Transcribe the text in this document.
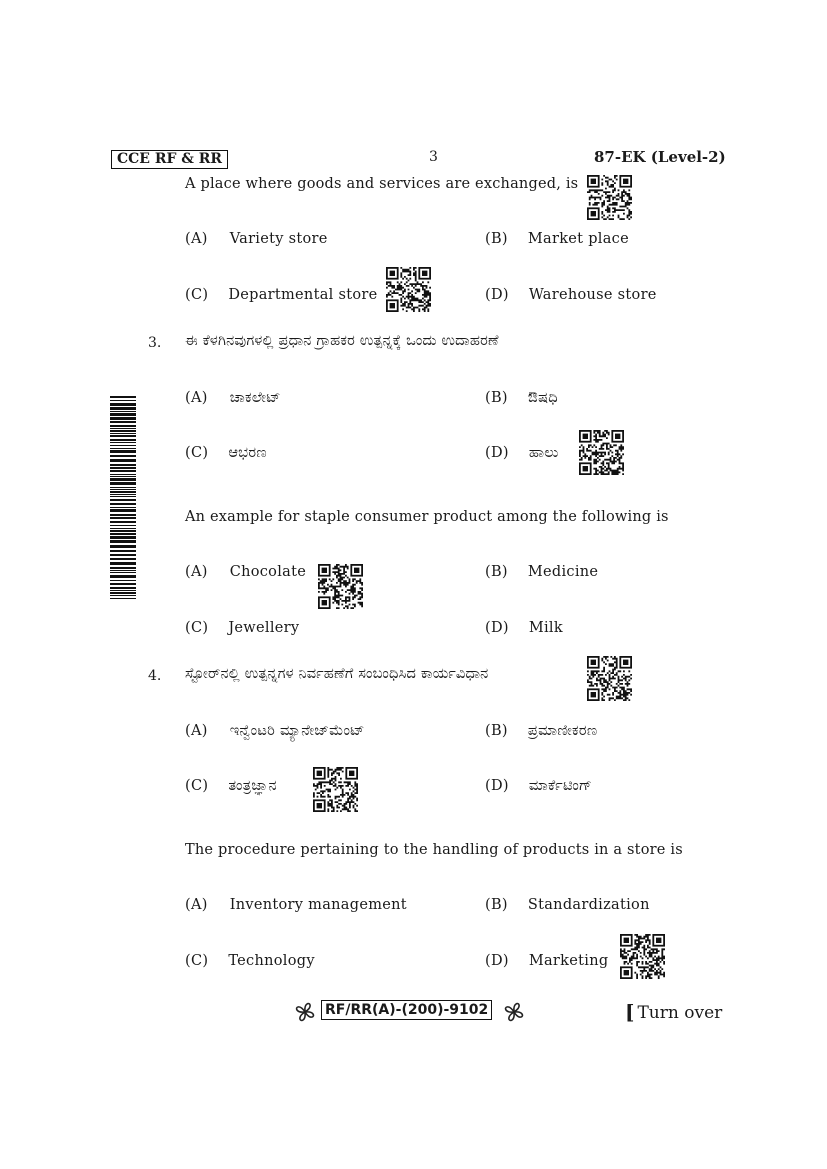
CCE RF & RR	3	87-EK (Level-2)
A place where goods and services are exchanged, is
(A) Variety store	(B) Market place
(C) Departmental store	(D) Warehouse store
3. ಈ ಕೆಳಗಿನವುಗಳಲ್ಲಿ ಪ್ರಧಾನ ಗ್ರಾಹಕರ ಉತ್ಪನ್ನಕ್ಕೆ ಒಂದು ಉದಾಹರಣೆ
(A) ಚಾಕಲೇಟ್	(B) ಔಷಧಿ
(C) ಆಭರಣ	(D) ಹಾಲು
An example for staple consumer product among the following is
(A) Chocolate	(B) Medicine
(C) Jewellery	(D) Milk
4. ಸ್ಟೋರ್‌ನಲ್ಲಿ ಉತ್ಪನ್ನಗಳ ನಿರ್ವಹಣೆಗೆ ಸಂಬಂಧಿಸಿದ ಕಾರ್ಯವಿಧಾನ
(A) ಇನ್ವೆಂಟರಿ ಮ್ಯಾನೇಜ್‌ಮೆಂಟ್	(B) ಪ್ರಮಾಣೀಕರಣ
(C) ತಂತ್ರಜ್ಞಾನ	(D) ಮಾರ್ಕೆಟಿಂಗ್
The procedure pertaining to the handling of products in a store is
(A) Inventory management	(B) Standardization
(C) Technology	(D) Marketing
RF/RR(A)-(200)-9102	[ Turn over
